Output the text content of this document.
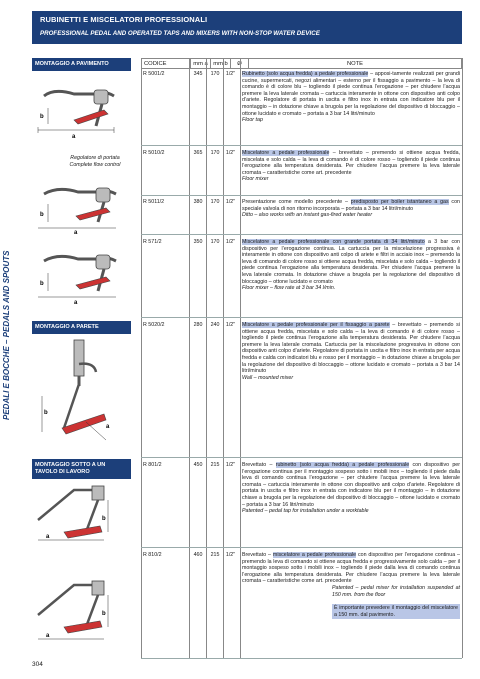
RUBINETTI E MISCELATORI PROFESSIONALI
PROFESSIONAL PEDAL AND OPERATED TAPS AND MIXERS WITH NON-STOP WATER DEVICE
PEDALI E BOCCHE – PEDALS AND SPOUTS
MONTAGGIO A PAVIMENTO
MONTAGGIO A PARETE
MONTAGGIO SOTTO A UN TAVOLO DI LAVORO
a
b
Regolatore di portata
Complete flow control
a
b
a
b
b
a
a
b
a
b
CODICE	mm a	mm b	Ø	NOTE
R 5001/2	345	170	1/2"	Rubinetto (solo acqua fredda) a pedale professionale – apposi-tamente realizzati per grandi cucine, supermercati, negozi alimentari – esterno per il fissaggio a pavimento – la leva di comando è di colore blu – togliendo il piede continua l’erogazione – per chiudere l’acqua premere la leva laterale cromata – cartuccia interamente in ottone con dispositivo anti colpo d’ariete. Regolatore di portata in uscita e filtro inox in entrata con indicatore blu per il montaggio – in dotazione chiave a brugola per la regolazione del dispositivo di bloccaggio – ottone lucidato e cromato – portata a 3 bar 14 litri/minuto
Floor tap
R 5010/2	365	170	1/2"	Miscelatore a pedale professionale – brevettato – premendo si ottiene acqua fredda, miscelata e solo calda – la leva di comando è di colore rosso – togliendo il piede continua l’erogazione alla temperatura desiderata. Per chiudere l’acqua premere la leva laterale cromata – caratteristiche come art. precedente
Floor mixer
R 5011/2	380	170	1/2"	Presentazione come modello precedente – predisposto per boiler istantaneo a gas con speciale valvola di non ritorno incorporata – portata a 3 bar 14 litri/minuto
Ditto – also works with an instant gas-fired water heater
R 571/2	350	170	1/2"	Miscelatore a pedale professionale con grande portata di 34 litri/minuto a 3 bar con dispositivo per l’erogazione continua. La cartuccia per la miscelazione progressiva è interamente in ottone con dispositivo anti colpo di ariete e filtri in acciaio inox – premendo la leva di comando di colore rosso si ottiene acqua fredda, miscelata e solo calda – togliendo il piede continua l’erogazione alla temperatura desiderata. Per chiudere l’acqua premere la leva laterale cromata. In dotazione chiave a brugola per la regolazione del dispositivo di bloccaggio – ottone lucidato e cromato
Floor mixer – flow rate at 3 bar 34 l/min.
R 5020/2	280	240	1/2"	Miscelatore a pedale professionale per il fissaggio a parete – brevettato – premendo si ottiene acqua fredda, miscelata e solo calda – la leva di comando è di colore rosso – togliendo il piede continua l’erogazione alla temperatura desiderata. Per chiudere l’acqua premere la leva laterale cromata. Cartuccia per la miscelazione progressiva in ottone con dispositivo anti colpo d’ariete. Regolatore di portata in uscita e filtro inox in entrata per acqua fredda e calda con indicatori blu e rosso per il montaggio – in dotazione chiave a brugola per la regolazione del dispositivo di bloccaggio – ottone lucidato e cromato – portata a 3 bar 14 litri/minuto
Wall – mounted mixer
R 801/2	450	215	1/2"	Brevettato – rubinetto (solo acqua fredda) a pedale professionale con dispositivo per l’erogazione continua per il montaggio sospeso sotto i mobili inox – togliendo il piede dalla leva di comando continua l’erogazione – per chiudere l’acqua premere la leva laterale cromata – cartuccia interamente in ottone con dispositivo anti colpo d’ariete. Regolatore di portata in uscita e filtro inox in entrata con indicatore blu per il montaggio – in dotazione chiave a brugola per la regolazione del dispositivo di bloccaggio – ottone lucidato e cromato – portata a 3 bar 16 litri/minuto
Patented – pedal tap for installation under a worktable
R 810/2	460	215	1/2"	Brevettato – miscelatore a pedale professionale con dispositivo per l’erogazione continua – premendo la leva di comando si ottiene acqua fredda e progressivamente solo calda – per il montaggio sospeso sotto i mobili inox – togliendo il piede dalla leva di comando continua l’erogazione alla temperatura desiderata. Per chiudere l’acqua premere la leva laterale cromata – caratteristiche come art. precedente

Patented – pedal mixer for installation suspended at 150 mm. from the floor
È importante prevedere il montaggio del miscelatore a 150 mm. dal pavimento.
304
